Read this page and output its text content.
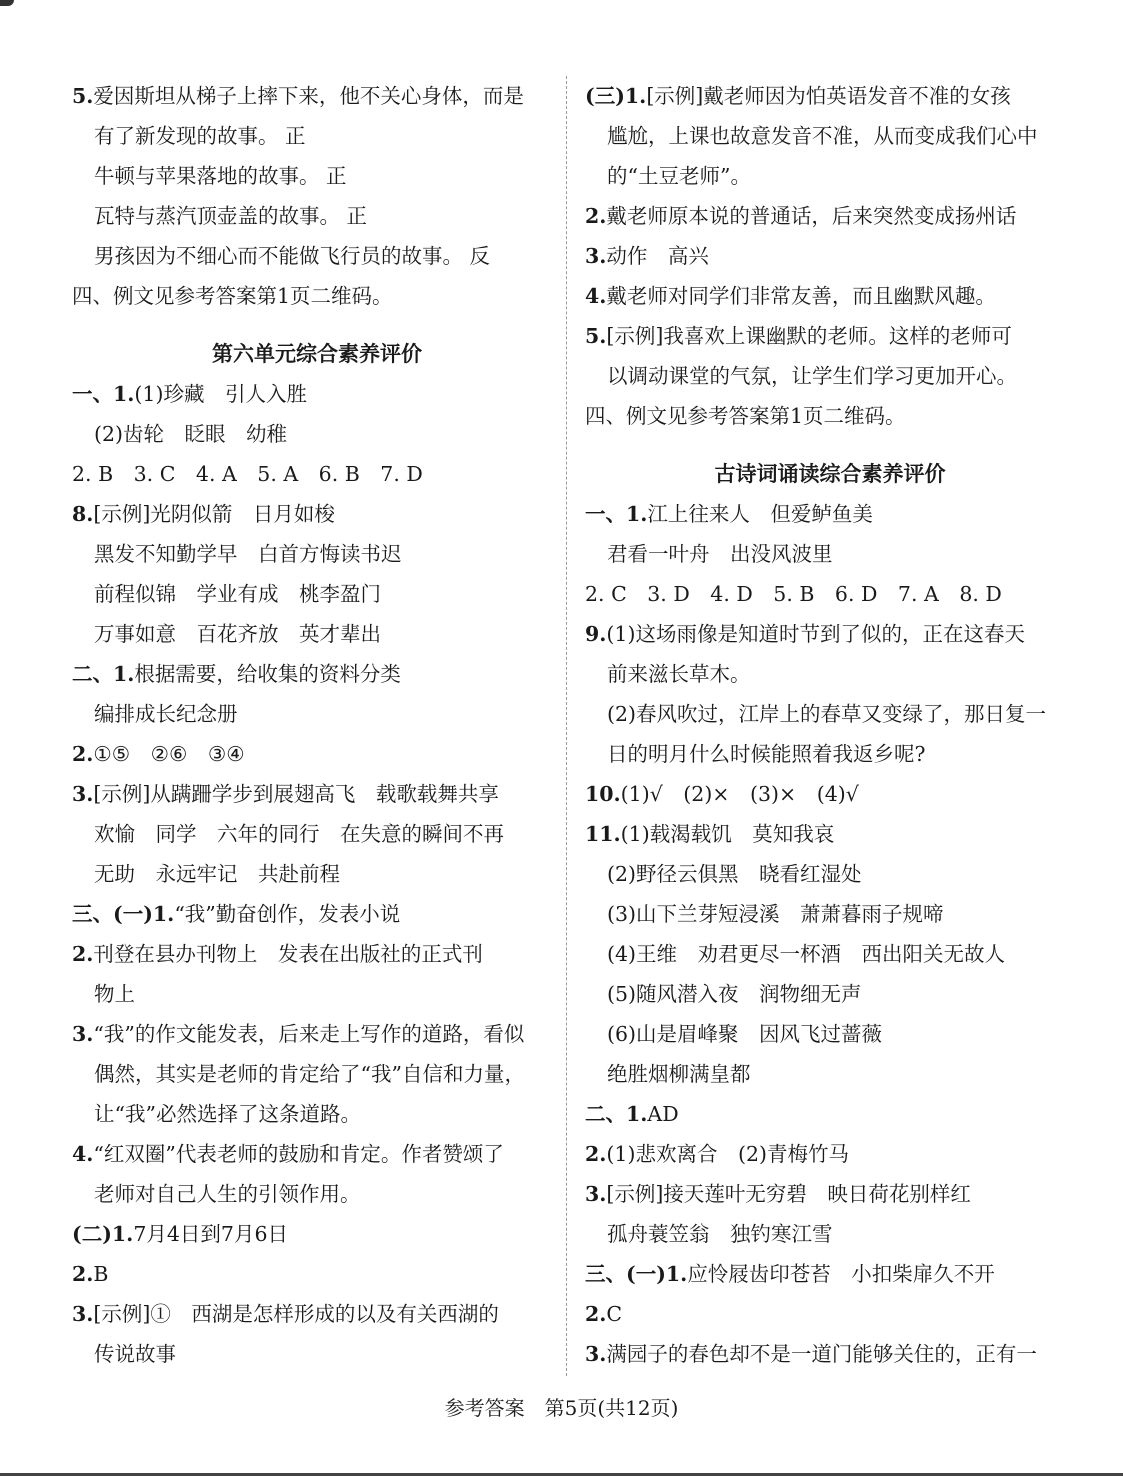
5.爱因斯坦从梯子上摔下来，他不关心身体，而是
有了新发现的故事。 正
牛顿与苹果落地的故事。 正
瓦特与蒸汽顶壶盖的故事。 正
男孩因为不细心而不能做飞行员的故事。 反
四、例文见参考答案第1页二维码。
第六单元综合素养评价
一、1.(1)珍藏　引人入胜
(2)齿轮　眨眼　幼稚
2. B　3. C　4. A　5. A　6. B　7. D
8.[示例]光阴似箭　日月如梭
黑发不知勤学早　白首方悔读书迟
前程似锦　学业有成　桃李盈门
万事如意　百花齐放　英才辈出
二、1.根据需要，给收集的资料分类
编排成长纪念册
2.①⑤　②⑥　③④
3.[示例]从蹒跚学步到展翅高飞　载歌载舞共享
欢愉　同学　六年的同行　在失意的瞬间不再
无助　永远牢记　共赴前程
三、(一)1.“我”勤奋创作，发表小说
2.刊登在县办刊物上　发表在出版社的正式刊
物上
3.“我”的作文能发表，后来走上写作的道路，看似
偶然，其实是老师的肯定给了“我”自信和力量，
让“我”必然选择了这条道路。
4.“红双圈”代表老师的鼓励和肯定。作者赞颂了
老师对自己人生的引领作用。
(二)1.7月4日到7月6日
2.B
3.[示例]①　西湖是怎样形成的以及有关西湖的
传说故事
(三)1.[示例]戴老师因为怕英语发音不准的女孩
尴尬，上课也故意发音不准，从而变成我们心中
的“土豆老师”。
2.戴老师原本说的普通话，后来突然变成扬州话
3.动作　高兴
4.戴老师对同学们非常友善，而且幽默风趣。
5.[示例]我喜欢上课幽默的老师。这样的老师可
以调动课堂的气氛，让学生们学习更加开心。
四、例文见参考答案第1页二维码。
古诗词诵读综合素养评价
一、1.江上往来人　但爱鲈鱼美
君看一叶舟　出没风波里
2. C　3. D　4. D　5. B　6. D　7. A　8. D
9.(1)这场雨像是知道时节到了似的，正在这春天
前来滋长草木。
(2)春风吹过，江岸上的春草又变绿了，那日复一
日的明月什么时候能照着我返乡呢?
10.(1)√　(2)×　(3)×　(4)√
11.(1)载渴载饥　莫知我哀
(2)野径云俱黑　晓看红湿处
(3)山下兰芽短浸溪　萧萧暮雨子规啼
(4)王维　劝君更尽一杯酒　西出阳关无故人
(5)随风潜入夜　润物细无声
(6)山是眉峰聚　因风飞过蔷薇
绝胜烟柳满皇都
二、1.AD
2.(1)悲欢离合　(2)青梅竹马
3.[示例]接天莲叶无穷碧　映日荷花别样红
孤舟蓑笠翁　独钓寒江雪
三、(一)1.应怜屐齿印苍苔　小扣柴扉久不开
2.C
3.满园子的春色却不是一道门能够关住的，正有一
参考答案　第5页(共12页)
